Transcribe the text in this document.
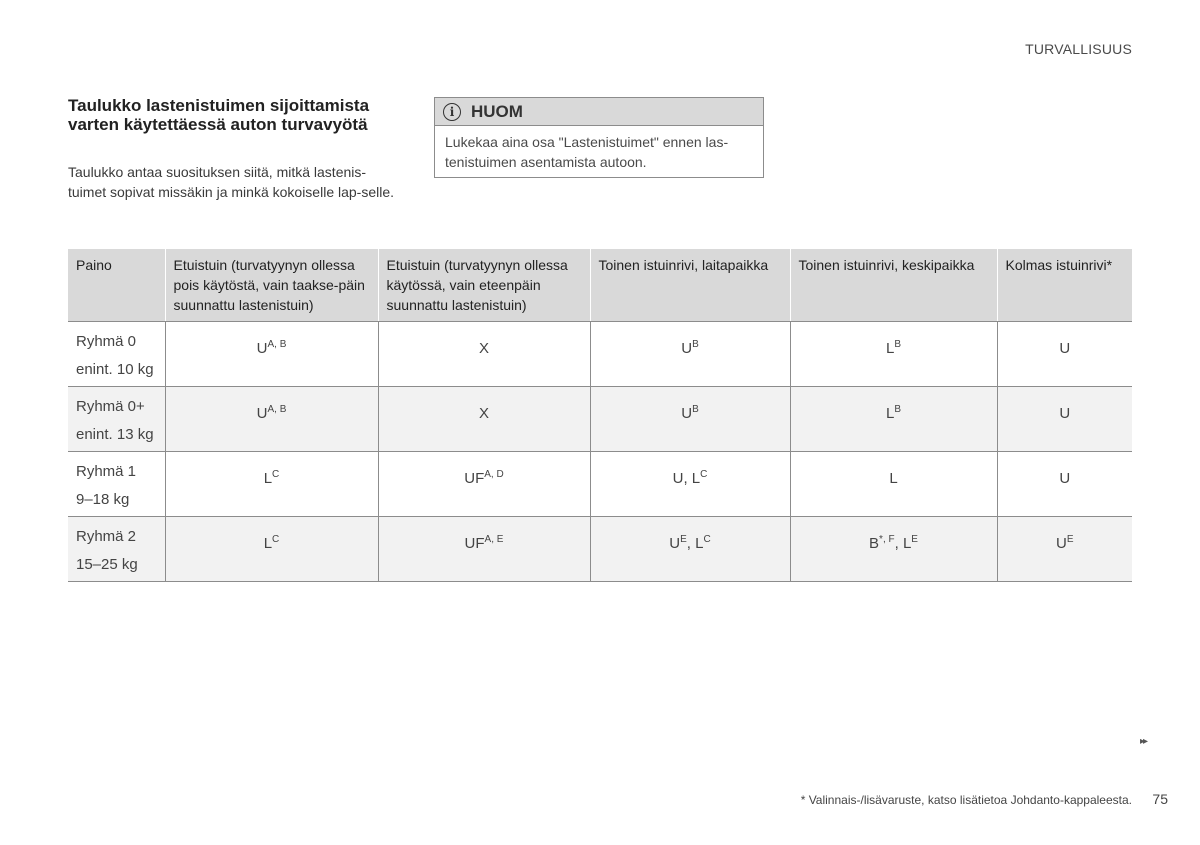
TURVALLISUUS
Taulukko lastenistuimen sijoittamista varten käytettäessä auton turvavyötä

Taulukko antaa suosituksen siitä, mitkä lastenis-tuimet sopivat missäkin ja minkä kokoiselle lap-selle.

i HUOM
Lukekaa aina osa "Lastenistuimet" ennen las-tenistuimen asentamista autoon.
Paino	Etuistuin (turvatyynyn ollessa pois käytöstä, vain taakse-päin suunnattu lastenistuin)	Etuistuin (turvatyynyn ollessa käytössä, vain eteenpäin suunnattu lastenistuin)	Toinen istuinrivi, laitapaikka	Toinen istuinrivi, keskipaikka	Kolmas istuinrivi*

Ryhmä 0
enint. 10 kg	$U^{A, B}$	X	$U^B$	$L^B$	U

Ryhmä 0+
enint. 13 kg	$U^{A, B}$	X	$U^B$	$L^B$	U

Ryhmä 1
9–18 kg	$L^C$	$UF^{A, D}$	U, $L^C$	L	U

Ryhmä 2
15–25 kg	$L^C$	$UF^{A, E}$	$U^E$, $L^C$	$B^{*, F}$, $L^E$	$U^E$
▸▸
* Valinnais-/lisävaruste, katso lisätietoa Johdanto-kappaleesta. 75
